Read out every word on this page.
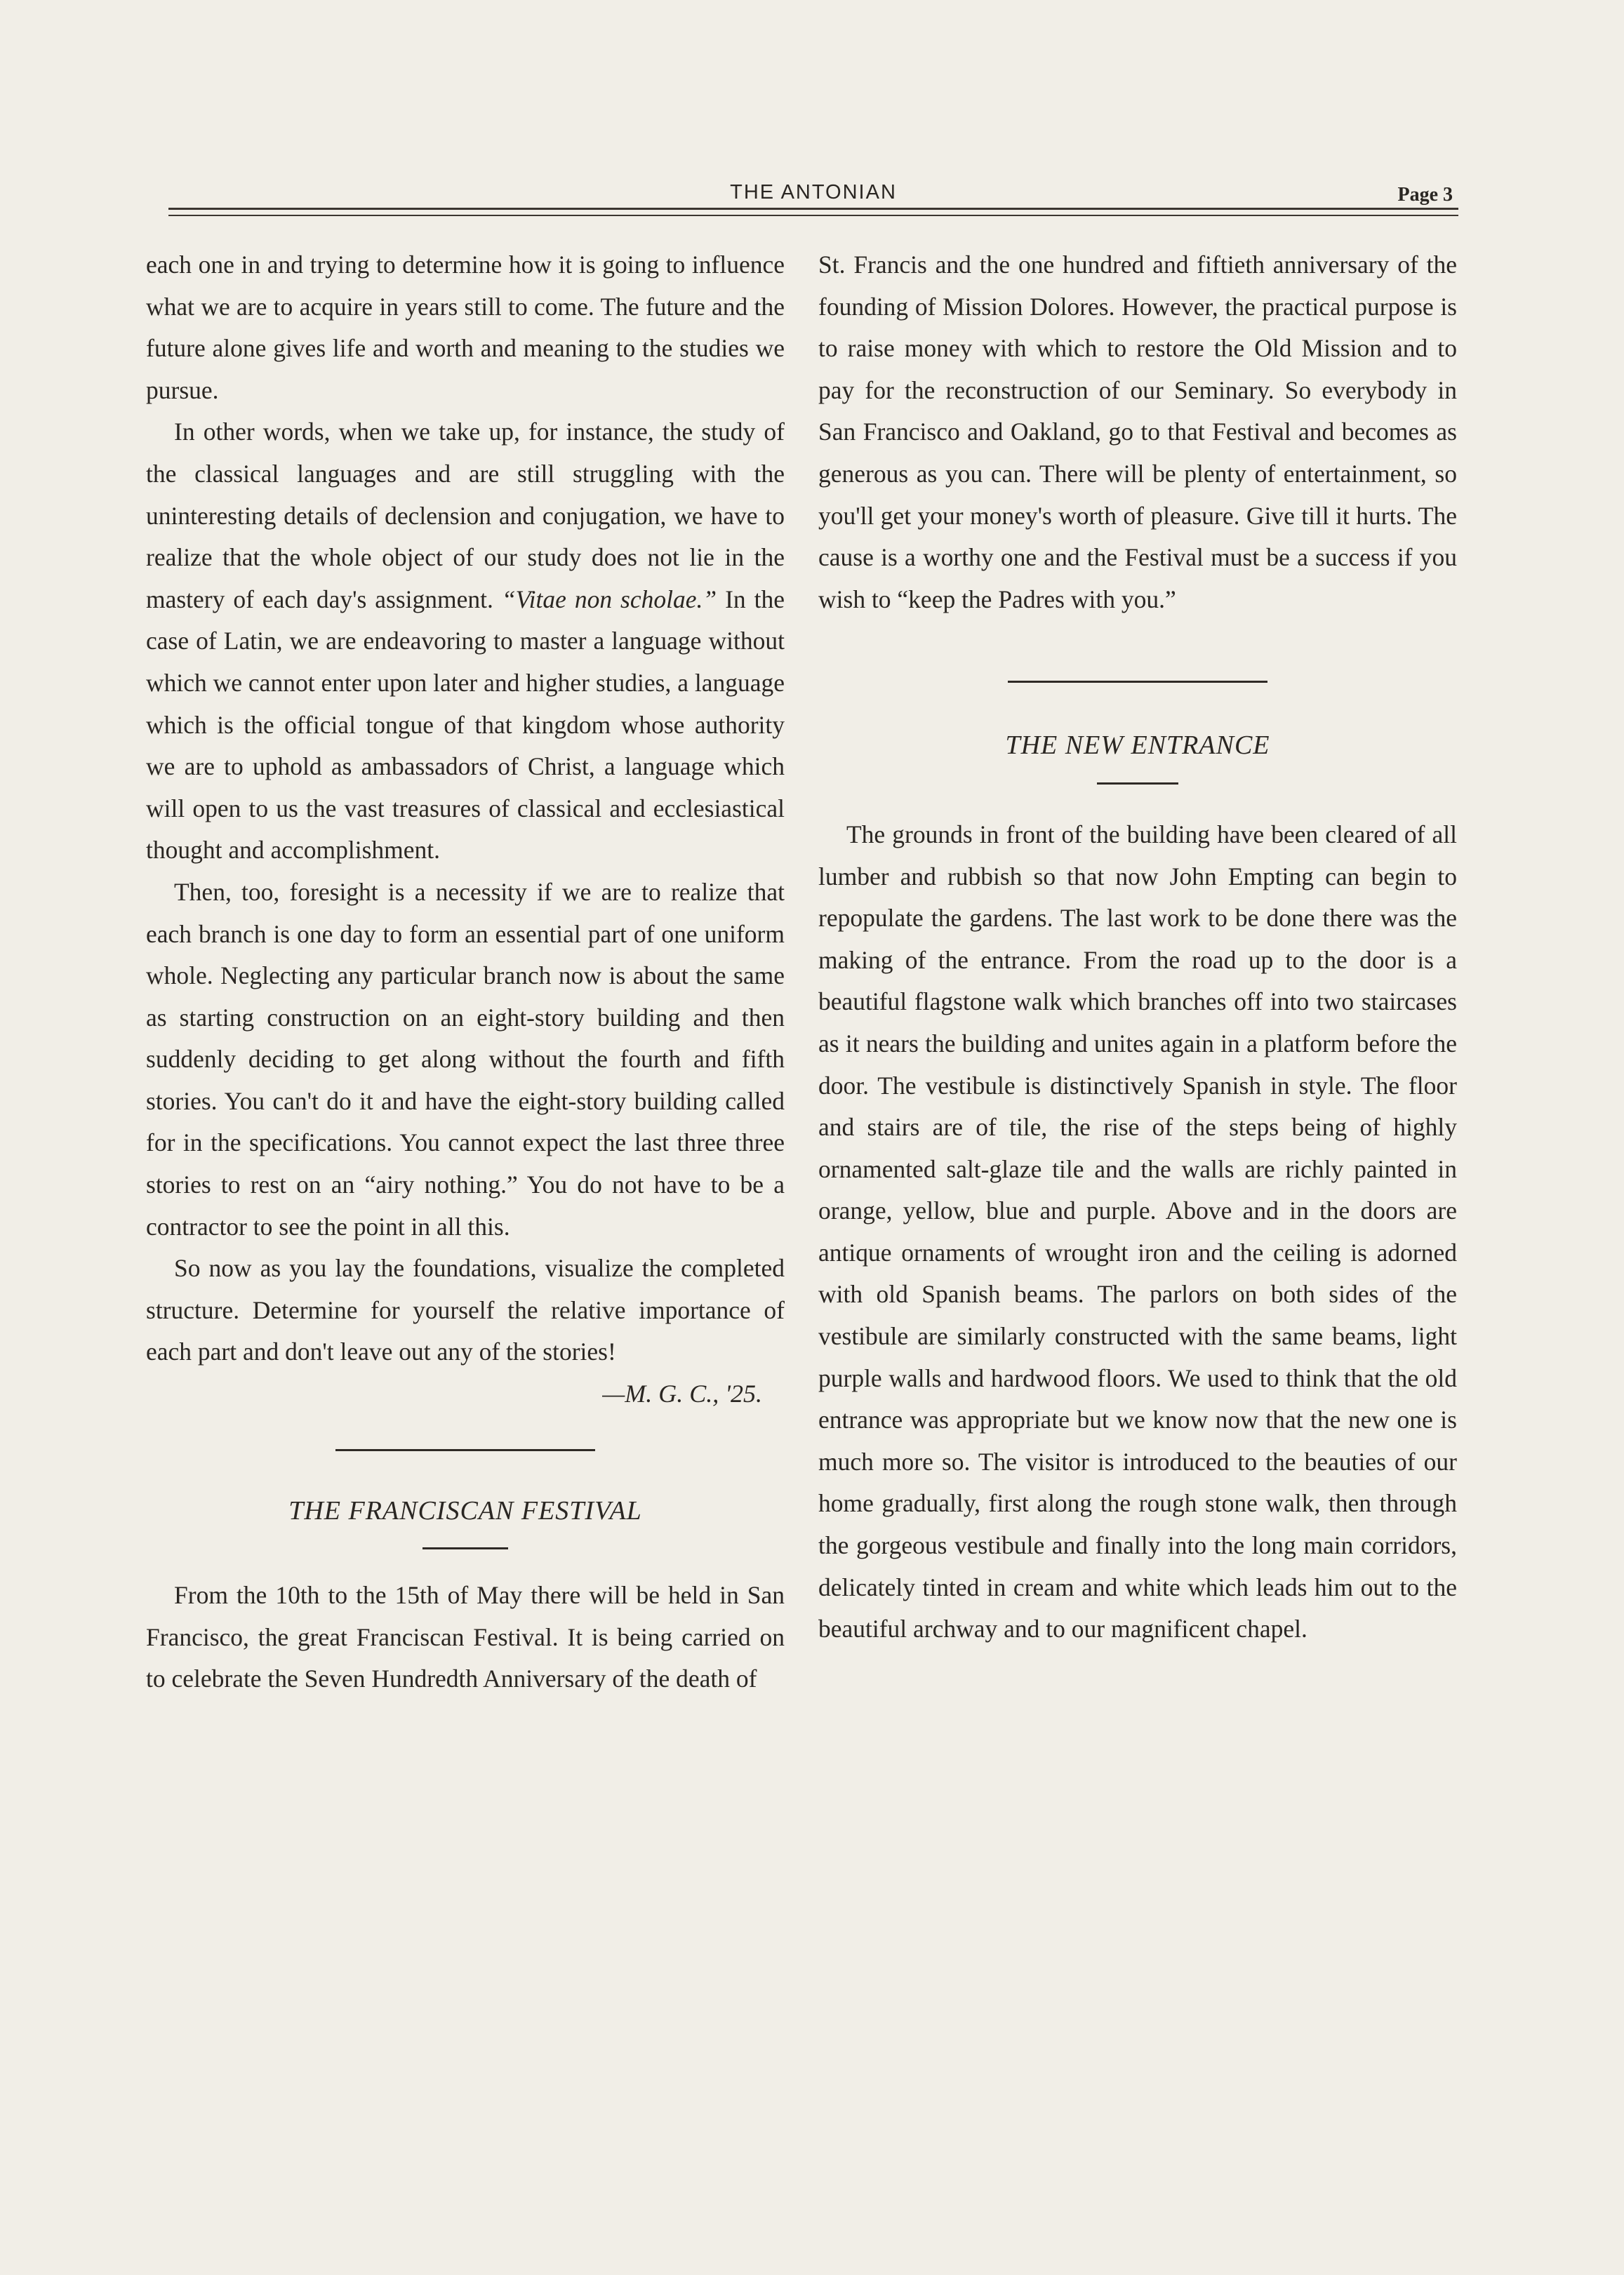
THE ANTONIAN	Page 3

each one in and trying to determine how it is going to influence what we are to acquire in years still to come. The future and the future alone gives life and worth and meaning to the studies we pursue.

In other words, when we take up, for instance, the study of the classical languages and are still struggling with the uninteresting details of declension and conjugation, we have to realize that the whole object of our study does not lie in the mastery of each day's assignment. “Vitae non scholae.” In the case of Latin, we are endeavoring to master a language without which we cannot enter upon later and higher studies, a language which is the official tongue of that kingdom whose authority we are to uphold as ambassadors of Christ, a language which will open to us the vast treasures of classical and ecclesiastical thought and accomplishment.

Then, too, foresight is a necessity if we are to realize that each branch is one day to form an essential part of one uniform whole. Neglecting any particular branch now is about the same as starting construction on an eight-story building and then suddenly deciding to get along without the fourth and fifth stories. You can't do it and have the eight-story building called for in the specifications. You cannot expect the last three three stories to rest on an “airy nothing.” You do not have to be a contractor to see the point in all this.

So now as you lay the foundations, visualize the completed structure. Determine for yourself the relative importance of each part and don't leave out any of the stories!

—M. G. C., '25.

THE FRANCISCAN FESTIVAL

From the 10th to the 15th of May there will be held in San Francisco, the great Franciscan Festival. It is being carried on to celebrate the Seven Hundredth Anniversary of the death of

St. Francis and the one hundred and fiftieth anniversary of the founding of Mission Dolores. However, the practical purpose is to raise money with which to restore the Old Mission and to pay for the reconstruction of our Seminary. So everybody in San Francisco and Oakland, go to that Festival and becomes as generous as you can. There will be plenty of entertainment, so you'll get your money's worth of pleasure. Give till it hurts. The cause is a worthy one and the Festival must be a success if you wish to “keep the Padres with you.”

THE NEW ENTRANCE

The grounds in front of the building have been cleared of all lumber and rubbish so that now John Empting can begin to repopulate the gardens. The last work to be done there was the making of the entrance. From the road up to the door is a beautiful flagstone walk which branches off into two staircases as it nears the building and unites again in a platform before the door. The vestibule is distinctively Spanish in style. The floor and stairs are of tile, the rise of the steps being of highly ornamented salt-glaze tile and the walls are richly painted in orange, yellow, blue and purple. Above and in the doors are antique ornaments of wrought iron and the ceiling is adorned with old Spanish beams. The parlors on both sides of the vestibule are similarly constructed with the same beams, light purple walls and hardwood floors. We used to think that the old entrance was appropriate but we know now that the new one is much more so. The visitor is introduced to the beauties of our home gradually, first along the rough stone walk, then through the gorgeous vestibule and finally into the long main corridors, delicately tinted in cream and white which leads him out to the beautiful archway and to our magnificent chapel.
